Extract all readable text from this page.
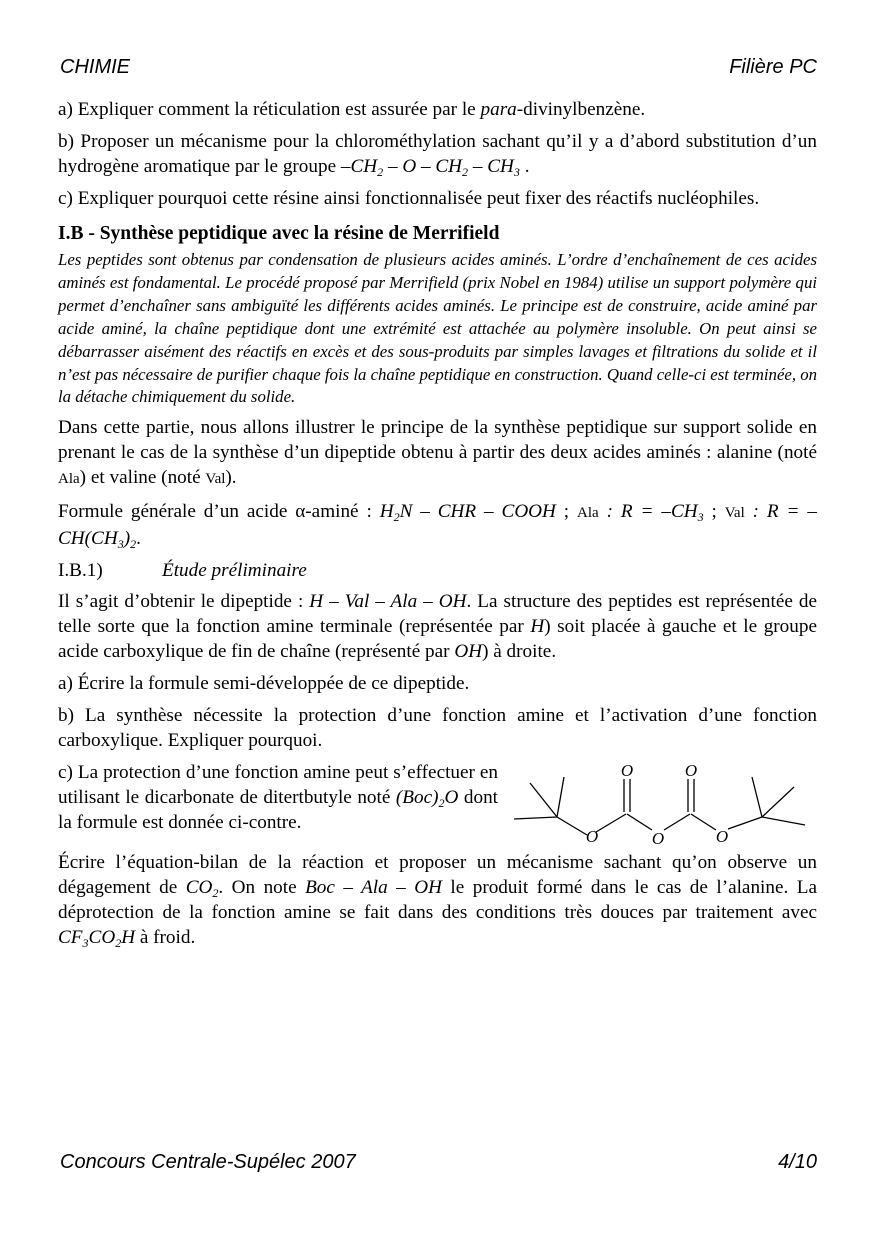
CHIMIE	Filière PC

a) Expliquer comment la réticulation est assurée par le para-divinylbenzène.

b) Proposer un mécanisme pour la chlorométhylation sachant qu’il y a d’abord substitution d’un hydrogène aromatique par le groupe $-CH_2$ – O – $CH_2 - CH_3$ .

c) Expliquer pourquoi cette résine ainsi fonctionnalisée peut fixer des réactifs nucléophiles.

I.B - Synthèse peptidique avec la résine de Merrifield

Les peptides sont obtenus par condensation de plusieurs acides aminés. L’ordre d’enchaînement de ces acides aminés est fondamental. Le procédé proposé par Merrifield (prix Nobel en 1984) utilise un support polymère qui permet d’enchaîner sans ambiguïté les différents acides aminés. Le principe est de construire, acide aminé par acide aminé, la chaîne peptidique dont une extrémité est attachée au polymère insoluble. On peut ainsi se débarrasser aisément des réactifs en excès et des sous-produits par simples lavages et filtrations du solide et il n’est pas nécessaire de purifier chaque fois la chaîne peptidique en construction. Quand celle-ci est terminée, on la détache chimiquement du solide.

Dans cette partie, nous allons illustrer le principe de la synthèse peptidique sur support solide en prenant le cas de la synthèse d’un dipeptide obtenu à partir des deux acides aminés : alanine (noté Ala) et valine (noté Val).

Formule générale d’un acide α-aminé : $H_2N$ – CHR – COOH ; Ala : $R = -CH_3$ ; Val : $R = -CH(CH_3)_2$.

I.B.1)	Étude préliminaire

Il s’agit d’obtenir le dipeptide : H – Val – Ala – OH. La structure des peptides est représentée de telle sorte que la fonction amine terminale (représentée par H) soit placée à gauche et le groupe acide carboxylique de fin de chaîne (représenté par OH) à droite.

a) Écrire la formule semi-développée de ce dipeptide.

b) La synthèse nécessite la protection d’une fonction amine et l’activation d’une fonction carboxylique. Expliquer pourquoi.

c) La protection d’une fonction amine peut s’effectuer en utilisant le dicarbonate de ditertbutyle noté $(Boc)_2O$ dont la formule est donnée ci-contre.

O	O
O	O	O

Écrire l’équation-bilan de la réaction et proposer un mécanisme sachant qu’on observe un dégagement de $CO_2$. On note Boc – Ala – OH le produit formé dans le cas de l’alanine. La déprotection de la fonction amine se fait dans des conditions très douces par traitement avec $CF_3CO_2H$ à froid.

Concours Centrale-Supélec 2007	4/10
